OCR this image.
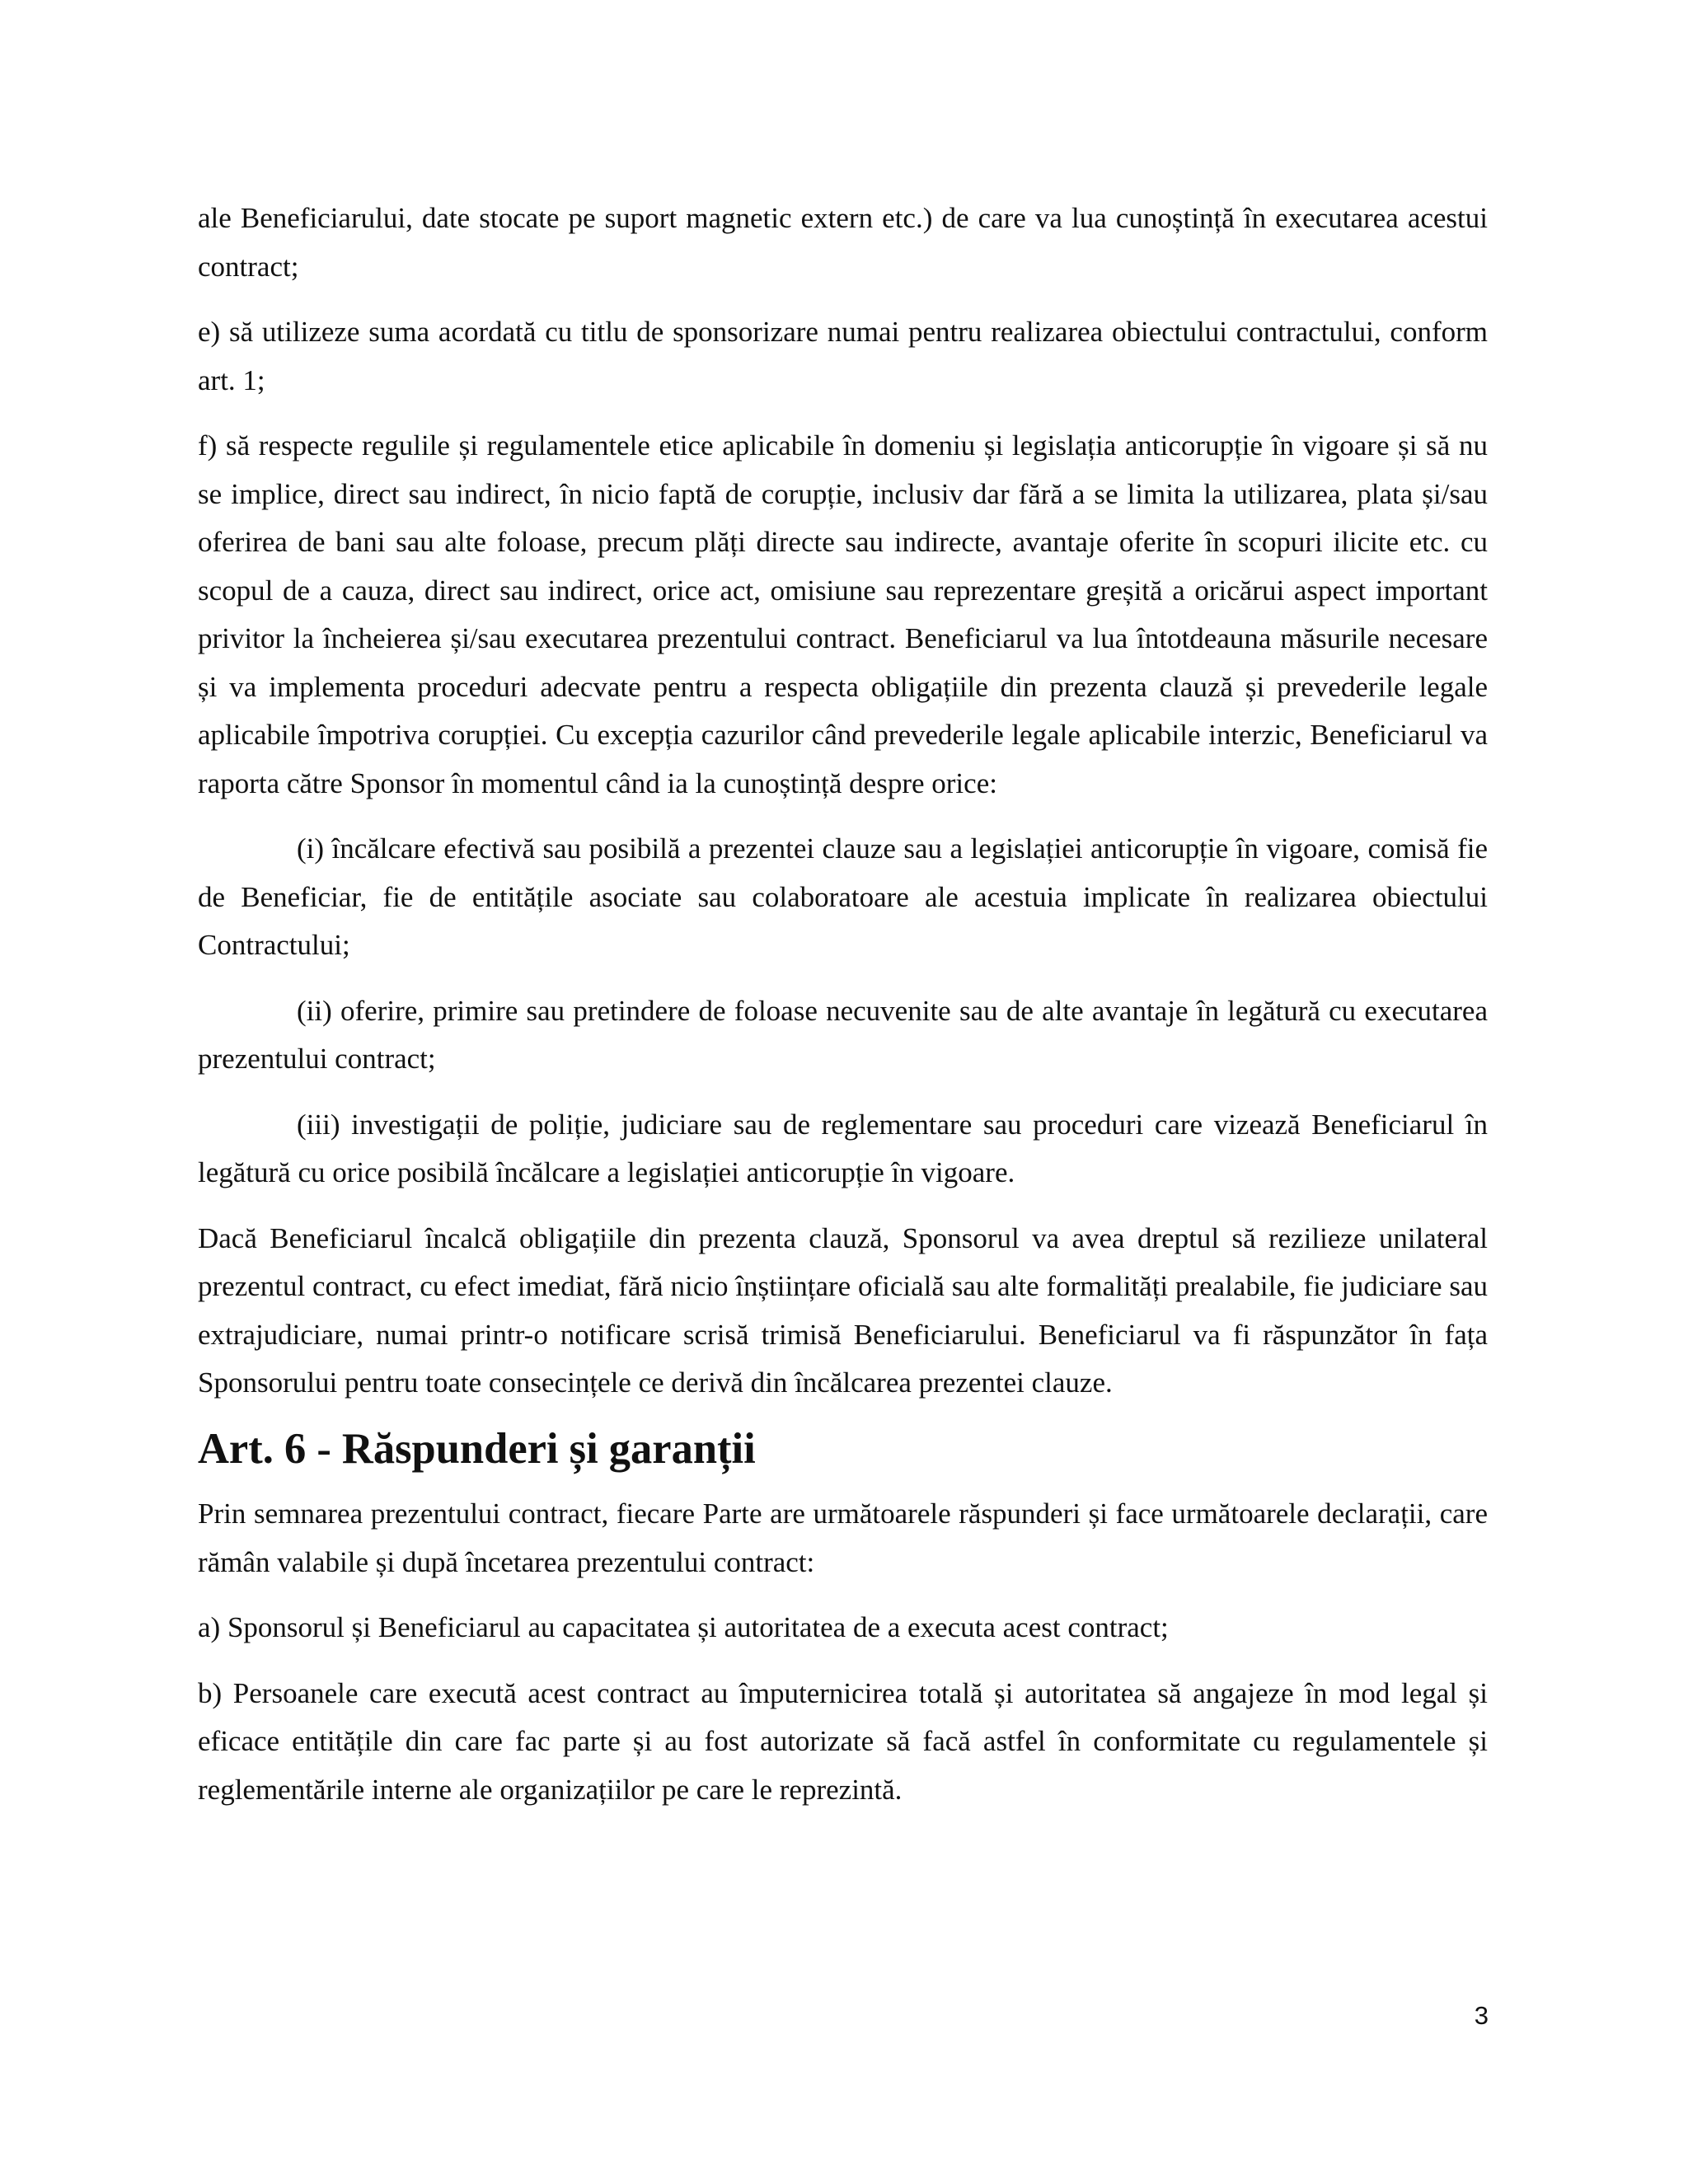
ale Beneficiarului, date stocate pe suport magnetic extern etc.) de care va lua cunoștință în executarea acestui contract;

e) să utilizeze suma acordată cu titlu de sponsorizare numai pentru realizarea obiectului contractului, conform art. 1;

f) să respecte regulile și regulamentele etice aplicabile în domeniu și legislația anticorupție în vigoare și să nu se implice, direct sau indirect, în nicio faptă de corupție, inclusiv dar fără a se limita la utilizarea, plata și/sau oferirea de bani sau alte foloase, precum plăți directe sau indirecte, avantaje oferite în scopuri ilicite etc. cu scopul de a cauza, direct sau indirect, orice act, omisiune sau reprezentare greșită a oricărui aspect important privitor la încheierea și/sau executarea prezentului contract. Beneficiarul va lua întotdeauna măsurile necesare și va implementa proceduri adecvate pentru a respecta obligațiile din prezenta clauză și prevederile legale aplicabile împotriva corupției. Cu excepția cazurilor când prevederile legale aplicabile interzic, Beneficiarul va raporta către Sponsor în momentul când ia la cunoștință despre orice:

(i) încălcare efectivă sau posibilă a prezentei clauze sau a legislației anticorupție în vigoare, comisă fie de Beneficiar, fie de entitățile asociate sau colaboratoare ale acestuia implicate în realizarea obiectului Contractului;

(ii) oferire, primire sau pretindere de foloase necuvenite sau de alte avantaje în legătură cu executarea prezentului contract;

(iii) investigații de poliție, judiciare sau de reglementare sau proceduri care vizează Beneficiarul în legătură cu orice posibilă încălcare a legislației anticorupție în vigoare.

Dacă Beneficiarul încalcă obligațiile din prezenta clauză, Sponsorul va avea dreptul să rezilieze unilateral prezentul contract, cu efect imediat, fără nicio înștiințare oficială sau alte formalități prealabile, fie judiciare sau extrajudiciare, numai printr-o notificare scrisă trimisă Beneficiarului. Beneficiarul va fi răspunzător în fața Sponsorului pentru toate consecințele ce derivă din încălcarea prezentei clauze.

Art. 6 - Răspunderi și garanții

Prin semnarea prezentului contract, fiecare Parte are următoarele răspunderi și face următoarele declarații, care rămân valabile și după încetarea prezentului contract:

a) Sponsorul și Beneficiarul au capacitatea și autoritatea de a executa acest contract;

b) Persoanele care execută acest contract au împuternicirea totală și autoritatea să angajeze în mod legal și eficace entitățile din care fac parte și au fost autorizate să facă astfel în conformitate cu regulamentele și reglementările interne ale organizațiilor pe care le reprezintă.

3
